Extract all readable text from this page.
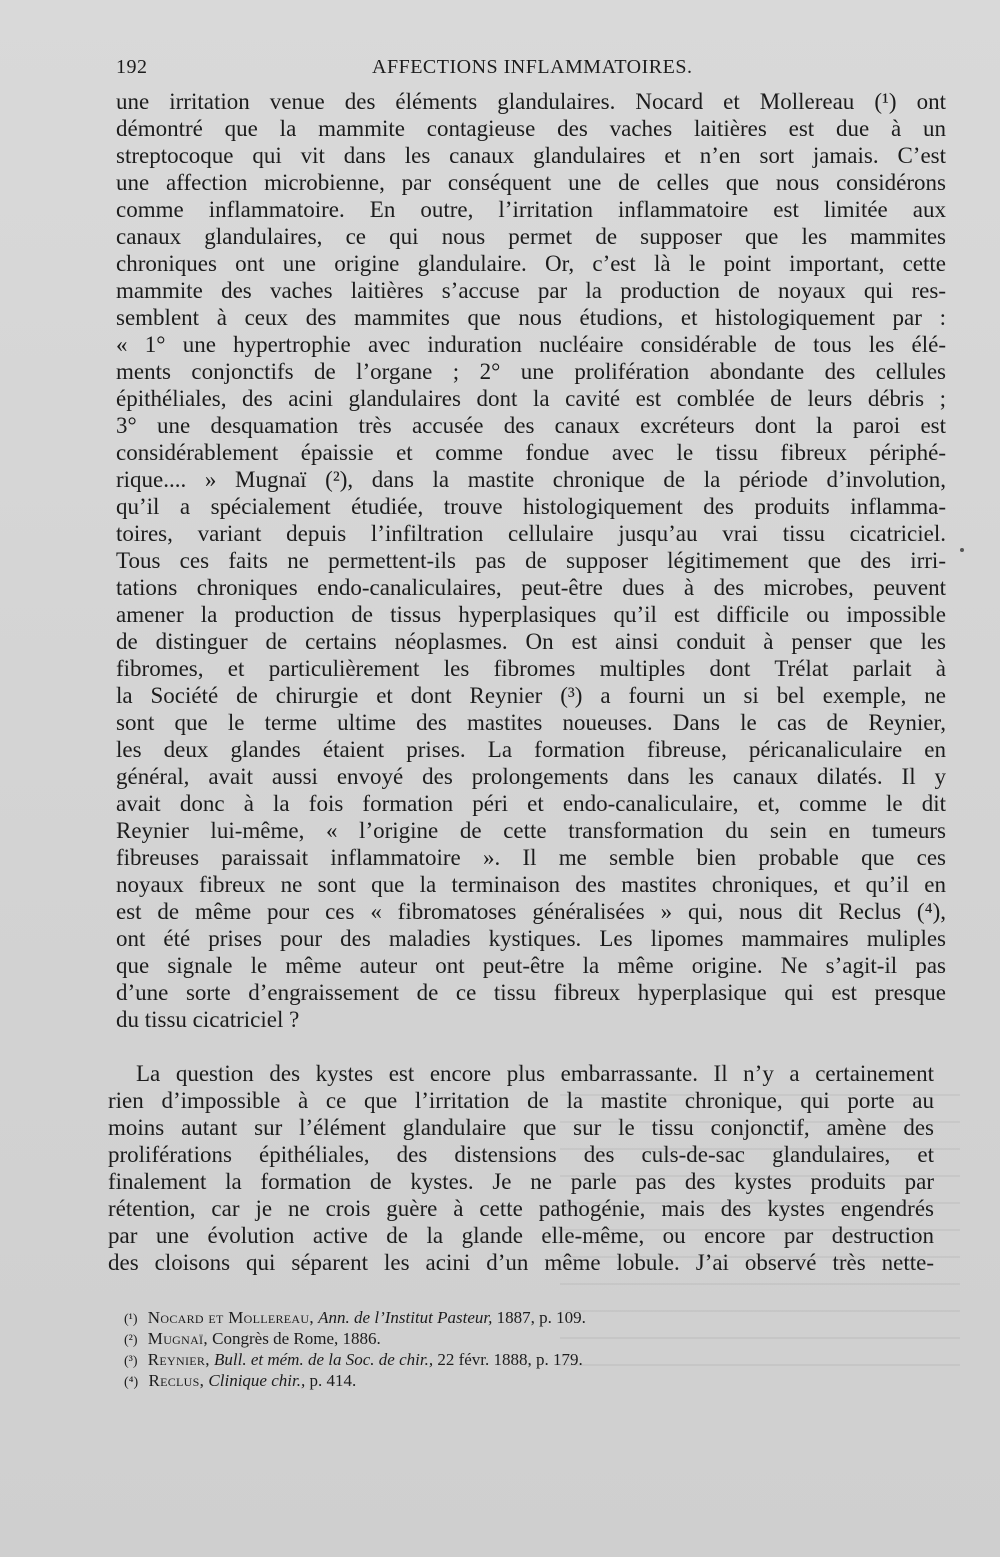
192	AFFECTIONS INFLAMMATOIRES.
une irritation venue des éléments glandulaires. Nocard et Mollereau (¹) ont
démontré que la mammite contagieuse des vaches laitières est due à un
streptocoque qui vit dans les canaux glandulaires et n’en sort jamais. C’est
une affection microbienne, par conséquent une de celles que nous considérons
comme inflammatoire. En outre, l’irritation inflammatoire est limitée aux
canaux glandulaires, ce qui nous permet de supposer que les mammites
chroniques ont une origine glandulaire. Or, c’est là le point important, cette
mammite des vaches laitières s’accuse par la production de noyaux qui res-
semblent à ceux des mammites que nous étudions, et histologiquement par :
« 1° une hypertrophie avec induration nucléaire considérable de tous les élé-
ments conjonctifs de l’organe ; 2° une prolifération abondante des cellules
épithéliales, des acini glandulaires dont la cavité est comblée de leurs débris ;
3° une desquamation très accusée des canaux excréteurs dont la paroi est
considérablement épaissie et comme fondue avec le tissu fibreux périphé-
rique.... » Mugnaï (²), dans la mastite chronique de la période d’involution,
qu’il a spécialement étudiée, trouve histologiquement des produits inflamma-
toires, variant depuis l’infiltration cellulaire jusqu’au vrai tissu cicatriciel.
Tous ces faits ne permettent-ils pas de supposer légitimement que des irri-
tations chroniques endo-canaliculaires, peut-être dues à des microbes, peuvent
amener la production de tissus hyperplasiques qu’il est difficile ou impossible
de distinguer de certains néoplasmes. On est ainsi conduit à penser que les
fibromes, et particulièrement les fibromes multiples dont Trélat parlait à
la Société de chirurgie et dont Reynier (³) a fourni un si bel exemple, ne
sont que le terme ultime des mastites noueuses. Dans le cas de Reynier,
les deux glandes étaient prises. La formation fibreuse, péricanaliculaire en
général, avait aussi envoyé des prolongements dans les canaux dilatés. Il y
avait donc à la fois formation péri et endo-canaliculaire, et, comme le dit
Reynier lui-même, « l’origine de cette transformation du sein en tumeurs
fibreuses paraissait inflammatoire ». Il me semble bien probable que ces
noyaux fibreux ne sont que la terminaison des mastites chroniques, et qu’il en
est de même pour ces « fibromatoses généralisées » qui, nous dit Reclus (⁴),
ont été prises pour des maladies kystiques. Les lipomes mammaires muliples
que signale le même auteur ont peut-être la même origine. Ne s’agit-il pas
d’une sorte d’engraissement de ce tissu fibreux hyperplasique qui est presque
du tissu cicatriciel ?
La question des kystes est encore plus embarrassante. Il n’y a certainement
rien d’impossible à ce que l’irritation de la mastite chronique, qui porte au
moins autant sur l’élément glandulaire que sur le tissu conjonctif, amène des
proliférations épithéliales, des distensions des culs-de-sac glandulaires, et
finalement la formation de kystes. Je ne parle pas des kystes produits par
rétention, car je ne crois guère à cette pathogénie, mais des kystes engendrés
par une évolution active de la glande elle-même, ou encore par destruction
des cloisons qui séparent les acini d’un même lobule. J’ai observé très nette-
(¹) Nocard et Mollereau, Ann. de l’Institut Pasteur, 1887, p. 109.
(²) Mugnaï, Congrès de Rome, 1886.
(³) Reynier, Bull. et mém. de la Soc. de chir., 22 févr. 1888, p. 179.
(⁴) Reclus, Clinique chir., p. 414.
